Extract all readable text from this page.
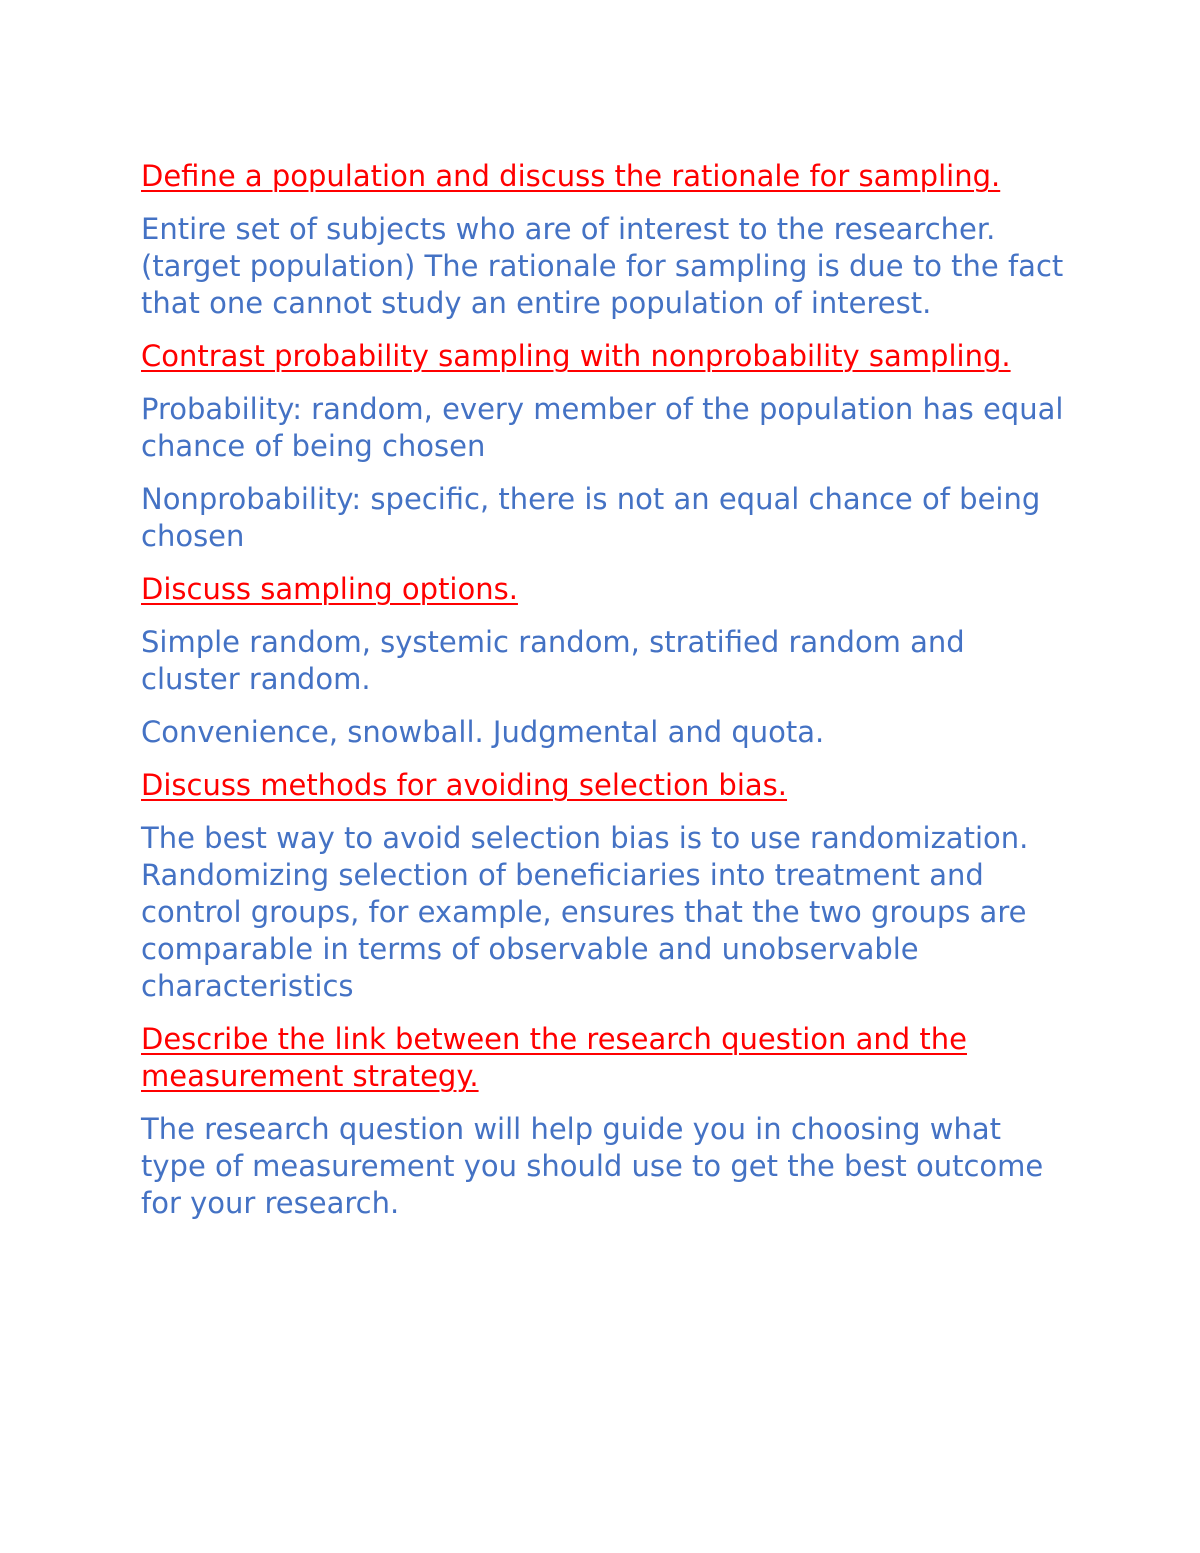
Define a population and discuss the rationale for sampling.

Entire set of subjects who are of interest to the researcher. (target population) The rationale for sampling is due to the fact that one cannot study an entire population of interest.

Contrast probability sampling with nonprobability sampling.

Probability: random, every member of the population has equal chance of being chosen

Nonprobability: specific, there is not an equal chance of being chosen

Discuss sampling options.

Simple random, systemic random, stratified random and cluster random.

Convenience, snowball. Judgmental and quota.

Discuss methods for avoiding selection bias.

The best way to avoid selection bias is to use randomization. Randomizing selection of beneficiaries into treatment and control groups, for example, ensures that the two groups are comparable in terms of observable and unobservable characteristics

Describe the link between the research question and the measurement strategy.

The research question will help guide you in choosing what type of measurement you should use to get the best outcome for your research.
